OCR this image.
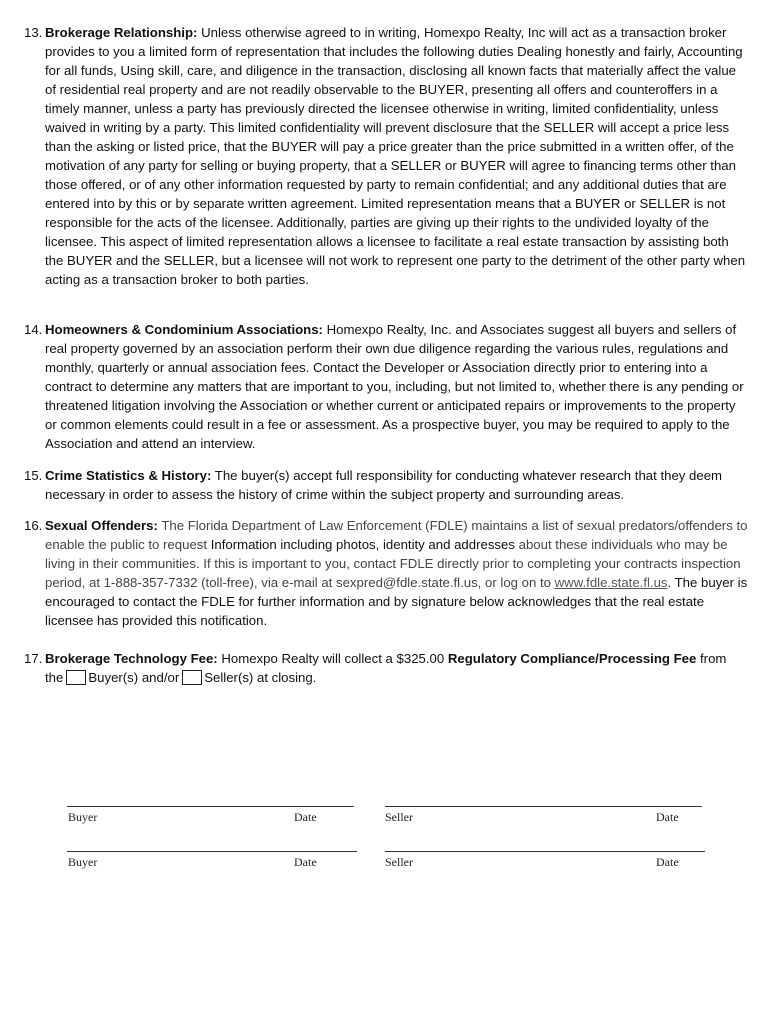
13. Brokerage Relationship: Unless otherwise agreed to in writing, Homexpo Realty, Inc will act as a transaction broker provides to you a limited form of representation that includes the following duties Dealing honestly and fairly, Accounting for all funds, Using skill, care, and diligence in the transaction, disclosing all known facts that materially affect the value of residential real property and are not readily observable to the BUYER, presenting all offers and counteroffers in a timely manner, unless a party has previously directed the licensee otherwise in writing, limited confidentiality, unless waived in writing by a party. This limited confidentiality will prevent disclosure that the SELLER will accept a price less than the asking or listed price, that the BUYER will pay a price greater than the price submitted in a written offer, of the motivation of any party for selling or buying property, that a SELLER or BUYER will agree to financing terms other than those offered, or of any other information requested by party to remain confidential; and any additional duties that are entered into by this or by separate written agreement. Limited representation means that a BUYER or SELLER is not responsible for the acts of the licensee. Additionally, parties are giving up their rights to the undivided loyalty of the licensee. This aspect of limited representation allows a licensee to facilitate a real estate transaction by assisting both the BUYER and the SELLER, but a licensee will not work to represent one party to the detriment of the other party when acting as a transaction broker to both parties.
14. Homeowners & Condominium Associations: Homexpo Realty, Inc. and Associates suggest all buyers and sellers of real property governed by an association perform their own due diligence regarding the various rules, regulations and monthly, quarterly or annual association fees. Contact the Developer or Association directly prior to entering into a contract to determine any matters that are important to you, including, but not limited to, whether there is any pending or threatened litigation involving the Association or whether current or anticipated repairs or improvements to the property or common elements could result in a fee or assessment. As a prospective buyer, you may be required to apply to the Association and attend an interview.
15. Crime Statistics & History: The buyer(s) accept full responsibility for conducting whatever research that they deem necessary in order to assess the history of crime within the subject property and surrounding areas.
16. Sexual Offenders: The Florida Department of Law Enforcement (FDLE) maintains a list of sexual predators/offenders to enable the public to request Information including photos, identity and addresses about these individuals who may be living in their communities. If this is important to you, contact FDLE directly prior to completing your contracts inspection period, at 1-888-357-7332 (toll-free), via e-mail at sexpred@fdle.state.fl.us, or log on to www.fdle.state.fl.us. The buyer is encouraged to contact the FDLE for further information and by signature below acknowledges that the real estate licensee has provided this notification.
17. Brokerage Technology Fee: Homexpo Realty will collect a $325.00 Regulatory Compliance/Processing Fee from the Buyer(s) and/or Seller(s) at closing.
Buyer	Date	Seller	Date
Buyer	Date	Seller	Date
